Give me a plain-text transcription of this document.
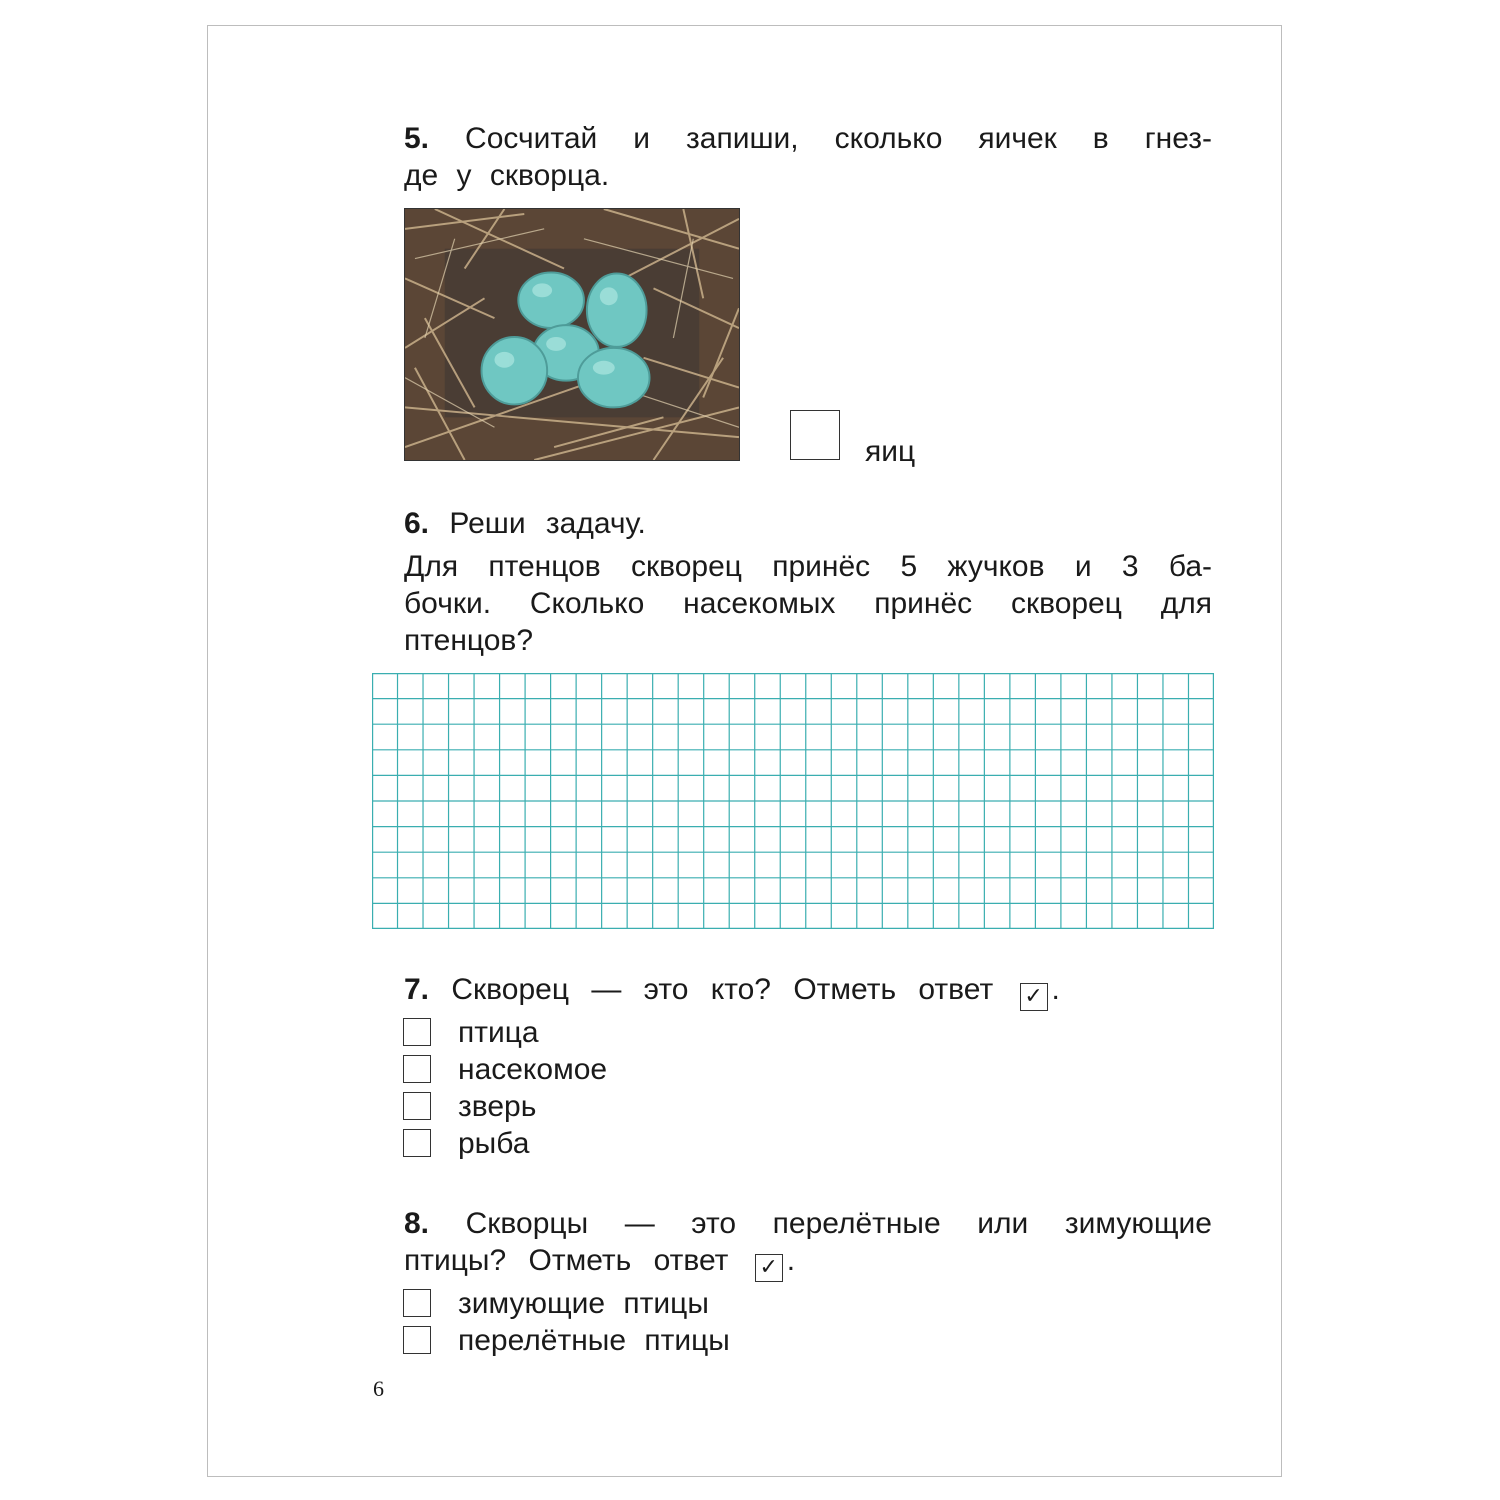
5. Сосчитай и запиши, сколько яичек в гнез-
де у скворца.
яиц
6. Реши задачу.
Для птенцов скворец принёс 5 жучков и 3 ба-
бочки. Сколько насекомых принёс скворец для
птенцов?
7. Скворец — это кто? Отметь ответ ✓ .
птица
насекомое
зверь
рыба
8. Скворцы — это перелётные или зимующие
птицы? Отметь ответ ✓ .
зимующие птицы
перелётные птицы
6
